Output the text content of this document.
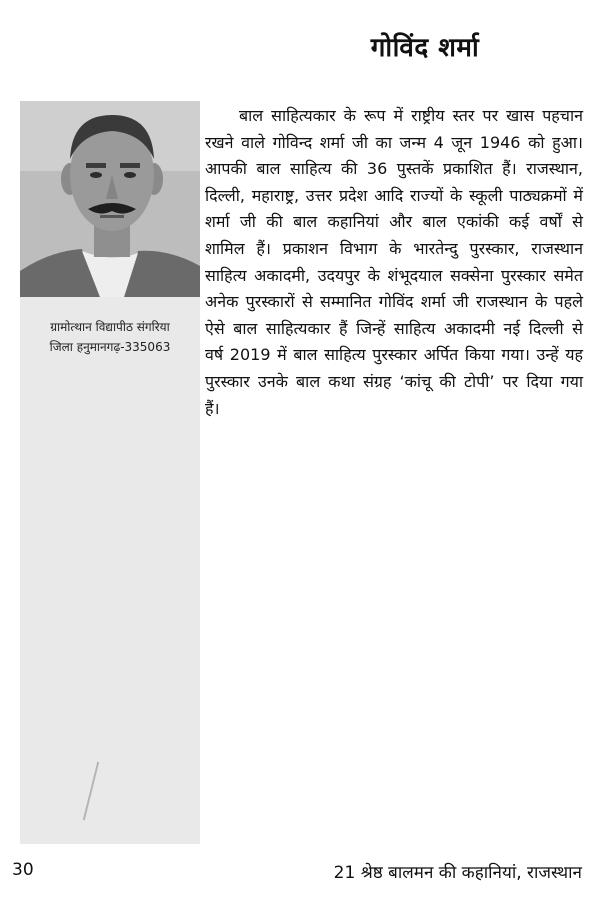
गोविंद शर्मा
ग्रामोत्थान विद्यापीठ संगरिया
जिला हनुमानगढ़-335063

बाल साहित्यकार के रूप में राष्ट्रीय स्तर पर खास पहचान रखने वाले गोविन्द शर्मा जी का जन्म 4 जून 1946 को हुआ। आपकी बाल साहित्य की 36 पुस्तकें प्रकाशित हैं। राजस्थान, दिल्ली, महाराष्ट्र, उत्तर प्रदेश आदि राज्यों के स्कूली पाठ्यक्रमों में शर्मा जी की बाल कहानियां और बाल एकांकी कई वर्षों से शामिल हैं। प्रकाशन विभाग के भारतेन्दु पुरस्कार, राजस्थान साहित्य अकादमी, उदयपुर के शंभूदयाल सक्सेना पुरस्कार समेत अनेक पुरस्कारों से सम्मानित गोविंद शर्मा जी राजस्थान के पहले ऐसे बाल साहित्यकार हैं जिन्हें साहित्य अकादमी नई दिल्ली से वर्ष 2019 में बाल साहित्य पुरस्कार अर्पित किया गया। उन्हें यह पुरस्कार उनके बाल कथा संग्रह ‘कांचू की टोपी’ पर दिया गया हैं।

30	21 श्रेष्ठ बालमन की कहानियां, राजस्थान
